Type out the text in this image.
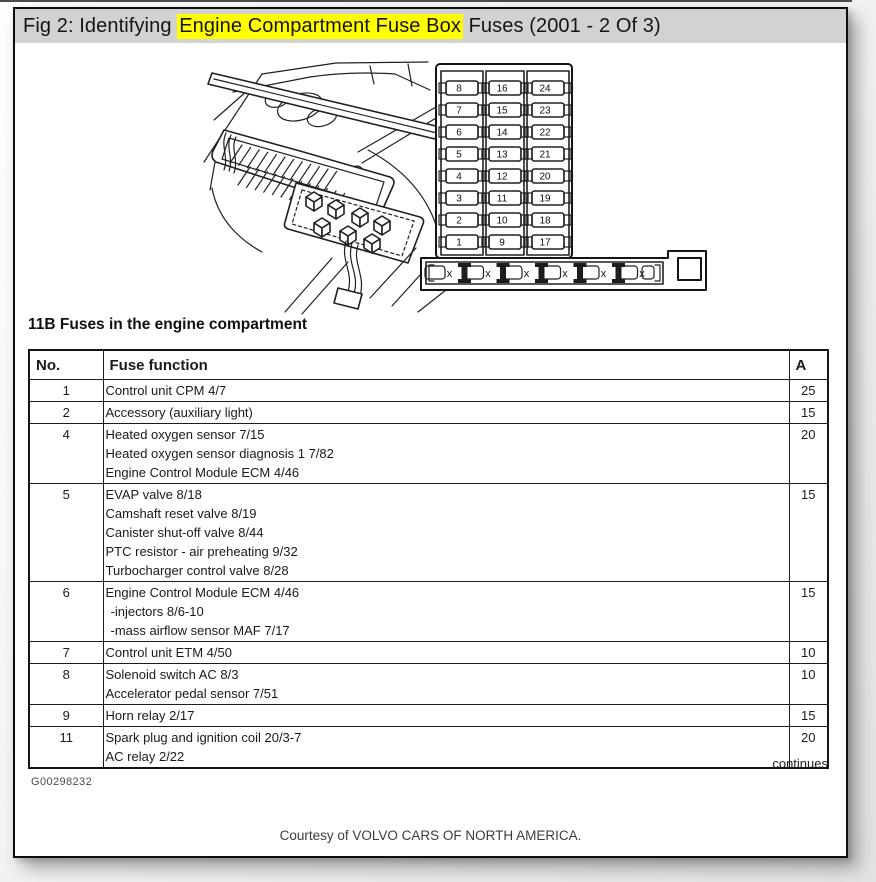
Fig 2: Identifying Engine Compartment Fuse Box Fuses (2001 - 2 Of 3)
8
7
6
5
4
3
2
1
16
15
14
13
12
11
10
9
24
23
22
21
20
19
18
17
x	x	x	x	x	x
11B Fuses in the engine compartment
No.	Fuse function	A
1	Control unit CPM 4/7	25
2	Accessory (auxiliary light)	15
4	Heated oxygen sensor 7/15
Heated oxygen sensor diagnosis 1 7/82
Engine Control Module ECM 4/46	20
5	EVAP valve 8/18
Camshaft reset valve 8/19
Canister shut-off valve 8/44
PTC resistor - air preheating 9/32
Turbocharger control valve 8/28	15
6	Engine Control Module ECM 4/46
-injectors 8/6-10
-mass airflow sensor MAF 7/17	15
7	Control unit ETM 4/50	10
8	Solenoid switch AC 8/3
Accelerator pedal sensor 7/51	10
9	Horn relay 2/17	15
11	Spark plug and ignition coil 20/3-7
AC relay 2/22	20
continues
G00298232
Courtesy of VOLVO CARS OF NORTH AMERICA.
